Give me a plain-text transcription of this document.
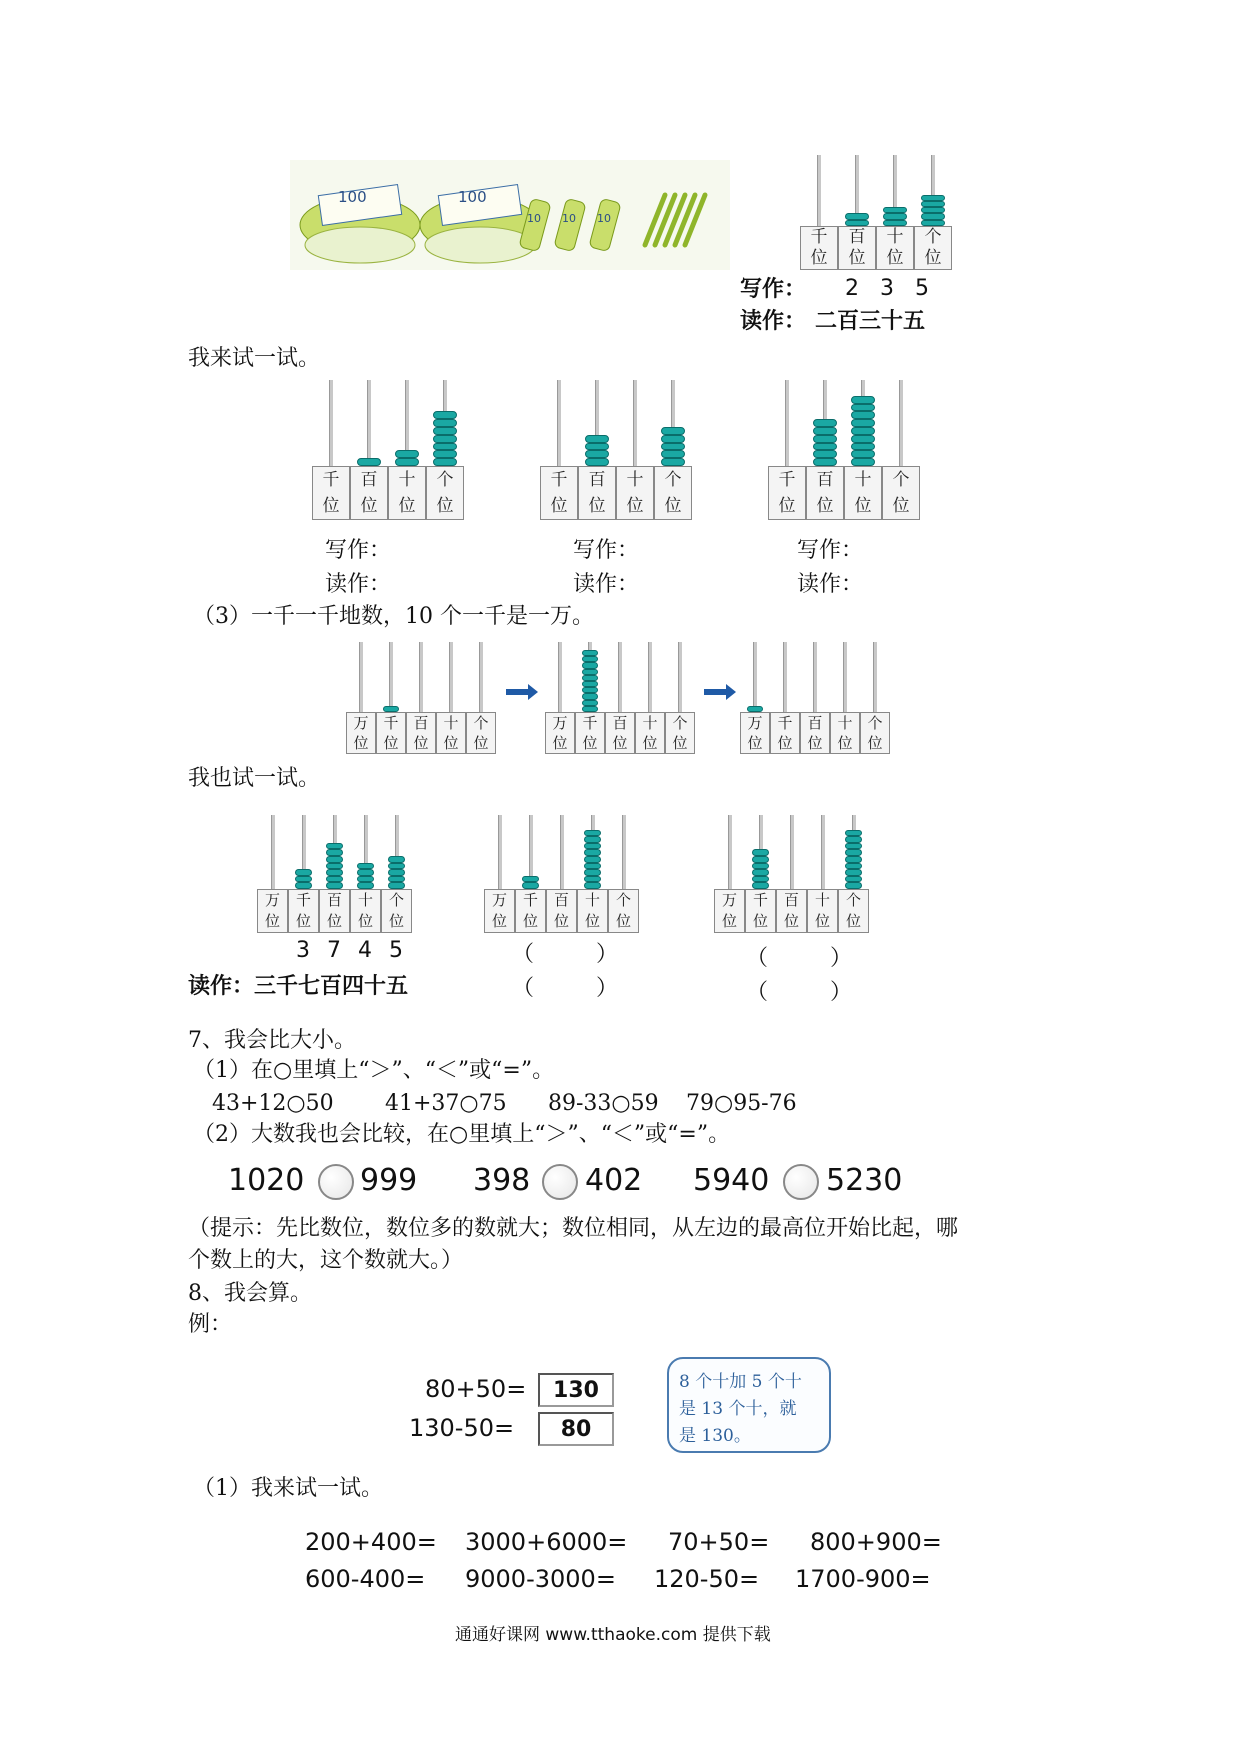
100	100
10 10 10
千
位
百
位
十
位
个
位
写作： 2 3 5
读作： 二百三十五
我来试一试。
千
位
百
位
十
位
个
位
千
位
百
位
十
位
个
位
千
位
百
位
十
位
个
位
写作：
读作：
写作：
读作：
写作：
读作：
（3）一千一千地数，10 个一千是一万。
万
位
千
位
百
位
十
位
个
位
万
位
千
位
百
位
十
位
个
位
万
位
千
位
百
位
十
位
个
位
我也试一试。
万
位
千
位
百
位
十
位
个
位
万
位
千
位
百
位
十
位
个
位
万
位
千
位
百
位
十
位
个
位
3 7 4 5
读作：三千七百四十五
（	）
（	）
（	）
（	）
7、我会比大小。
（1）在○里填上“＞”、“＜”或“=”。
43+12○50 41+37○75 89-33○59 79○95-76
（2）大数我也会比较，在○里填上“＞”、“＜”或“=”。
1020 999 398 402 5940 5230
（提示：先比数位，数位多的数就大；数位相同，从左边的最高位开始比起，哪
个数上的大，这个数就大。）
8、我会算。
例：
80+50=	130
130-50=	80
8 个十加 5 个十
是 13 个十，就
是 130。
（1）我来试一试。
200+400= 3000+6000= 70+50= 800+900=
600-400= 9000-3000= 120-50= 1700-900=
通通好课网 www.tthaoke.com 提供下载
